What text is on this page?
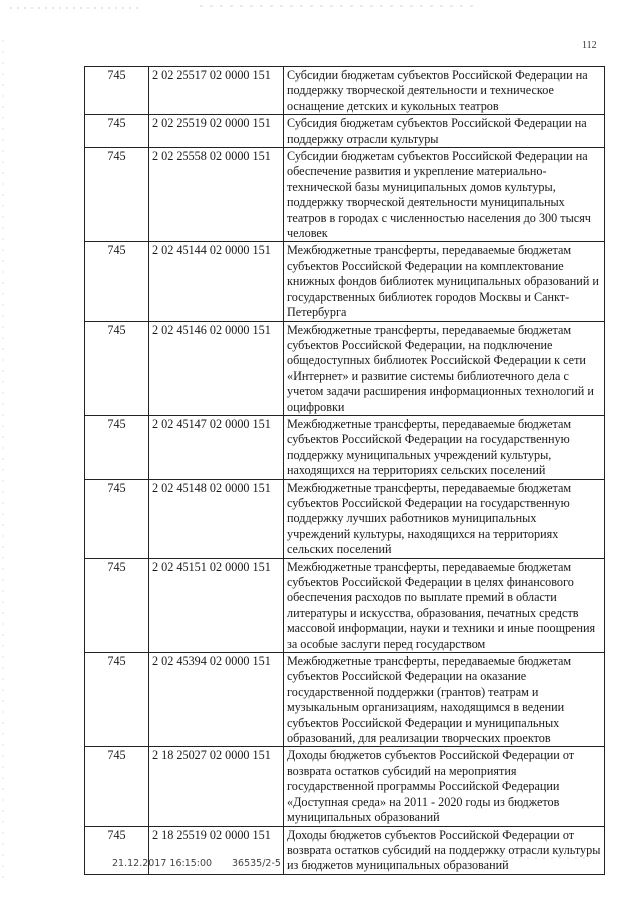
112
745	2 02 25517 02 0000 151	Субсидии бюджетам субъектов Российской Федерации на поддержку творческой деятельности и техническое оснащение детских и кукольных театров
745	2 02 25519 02 0000 151	Субсидия бюджетам субъектов Российской Федерации на поддержку отрасли культуры
745	2 02 25558 02 0000 151	Субсидии бюджетам субъектов Российской Федерации на обеспечение развития и укрепление материально-технической базы муниципальных домов культуры, поддержку творческой деятельности муниципальных театров в городах с численностью населения до 300 тысяч человек
745	2 02 45144 02 0000 151	Межбюджетные трансферты, передаваемые бюджетам субъектов Российской Федерации на комплектование книжных фондов библиотек муниципальных образований и государственных библиотек городов Москвы и Санкт-Петербурга
745	2 02 45146 02 0000 151	Межбюджетные трансферты, передаваемые бюджетам субъектов Российской Федерации, на подключение общедоступных библиотек Российской Федерации к сети «Интернет» и развитие системы библиотечного дела с учетом задачи расширения информационных технологий и оцифровки
745	2 02 45147 02 0000 151	Межбюджетные трансферты, передаваемые бюджетам субъектов Российской Федерации на государственную поддержку муниципальных учреждений культуры, находящихся на территориях сельских поселений
745	2 02 45148 02 0000 151	Межбюджетные трансферты, передаваемые бюджетам субъектов Российской Федерации на государственную поддержку лучших работников муниципальных учреждений культуры, находящихся на территориях сельских поселений
745	2 02 45151 02 0000 151	Межбюджетные трансферты, передаваемые бюджетам субъектов Российской Федерации в целях финансового обеспечения расходов по выплате премий в области литературы и искусства, образования, печатных средств массовой информации, науки и техники и иные поощрения за особые заслуги перед государством
745	2 02 45394 02 0000 151	Межбюджетные трансферты, передаваемые бюджетам субъектов Российской Федерации на оказание государственной поддержки (грантов) театрам и музыкальным организациям, находящимся в ведении субъектов Российской Федерации и муниципальных образований, для реализации творческих проектов
745	2 18 25027 02 0000 151	Доходы бюджетов субъектов Российской Федерации от возврата остатков субсидий на мероприятия государственной программы Российской Федерации «Доступная среда» на 2011 - 2020 годы из бюджетов муниципальных образований
745	2 18 25519 02 0000 151	Доходы бюджетов субъектов Российской Федерации от возврата остатков субсидий на поддержку отрасли культуры из бюджетов муниципальных образований
21.12.2017 16:15:00 36535/2-5
